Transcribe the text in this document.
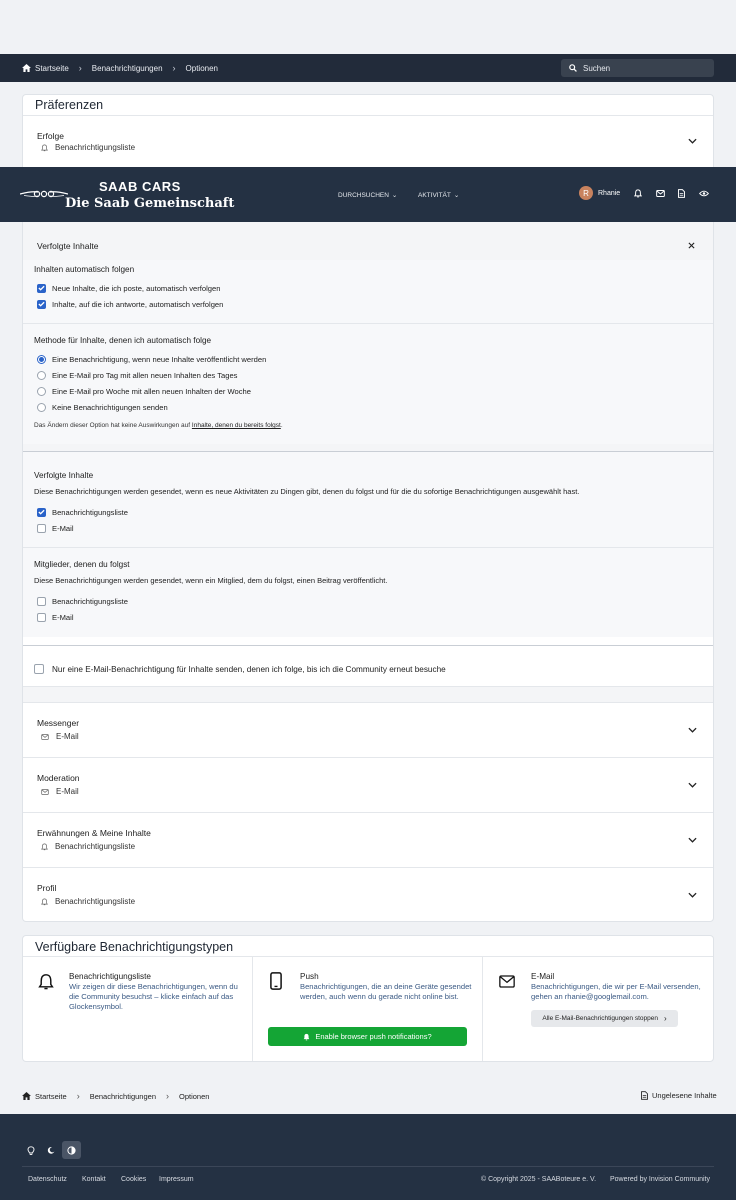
Startseite › Benachrichtigungen › Optionen	Suchen
Präferenzen
Erfolge
Benachrichtigungsliste
SAAB CARS
Die Saab Gemeinschaft
DURCHSUCHEN ⌄	AKTIVITÄT ⌄	R	Rhanie
Verfolgte Inhalte
Inhalten automatisch folgen
Neue Inhalte, die ich poste, automatisch verfolgen
Inhalte, auf die ich antworte, automatisch verfolgen
Methode für Inhalte, denen ich automatisch folge
Eine Benachrichtigung, wenn neue Inhalte veröffentlicht werden
Eine E-Mail pro Tag mit allen neuen Inhalten des Tages
Eine E-Mail pro Woche mit allen neuen Inhalten der Woche
Keine Benachrichtigungen senden
Das Ändern dieser Option hat keine Auswirkungen auf Inhalte, denen du bereits folgst.
Verfolgte Inhalte
Diese Benachrichtigungen werden gesendet, wenn es neue Aktivitäten zu Dingen gibt, denen du folgst und für die du sofortige Benachrichtigungen ausgewählt hast.
Benachrichtigungsliste
E-Mail
Mitglieder, denen du folgst
Diese Benachrichtigungen werden gesendet, wenn ein Mitglied, dem du folgst, einen Beitrag veröffentlicht.
Benachrichtigungsliste
E-Mail
Nur eine E-Mail-Benachrichtigung für Inhalte senden, denen ich folge, bis ich die Community erneut besuche
Messenger
E-Mail
Moderation
E-Mail
Erwähnungen & Meine Inhalte
Benachrichtigungsliste
Profil
Benachrichtigungsliste
Verfügbare Benachrichtigungstypen
Benachrichtigungsliste
Wir zeigen dir diese Benachrichtigungen, wenn du die Community besuchst – klicke einfach auf das Glockensymbol.
Push
Benachrichtigungen, die an deine Geräte gesendet werden, auch wenn du gerade nicht online bist.
Enable browser push notifications?
E-Mail
Benachrichtigungen, die wir per E-Mail versenden, gehen an rhanie@googlemail.com.
Alle E-Mail-Benachrichtigungen stoppen ›
Startseite › Benachrichtigungen › Optionen	Ungelesene Inhalte
Datenschutz Kontakt Cookies Impressum	© Copyright 2025 - SAABoteure e. V. Powered by Invision Community
